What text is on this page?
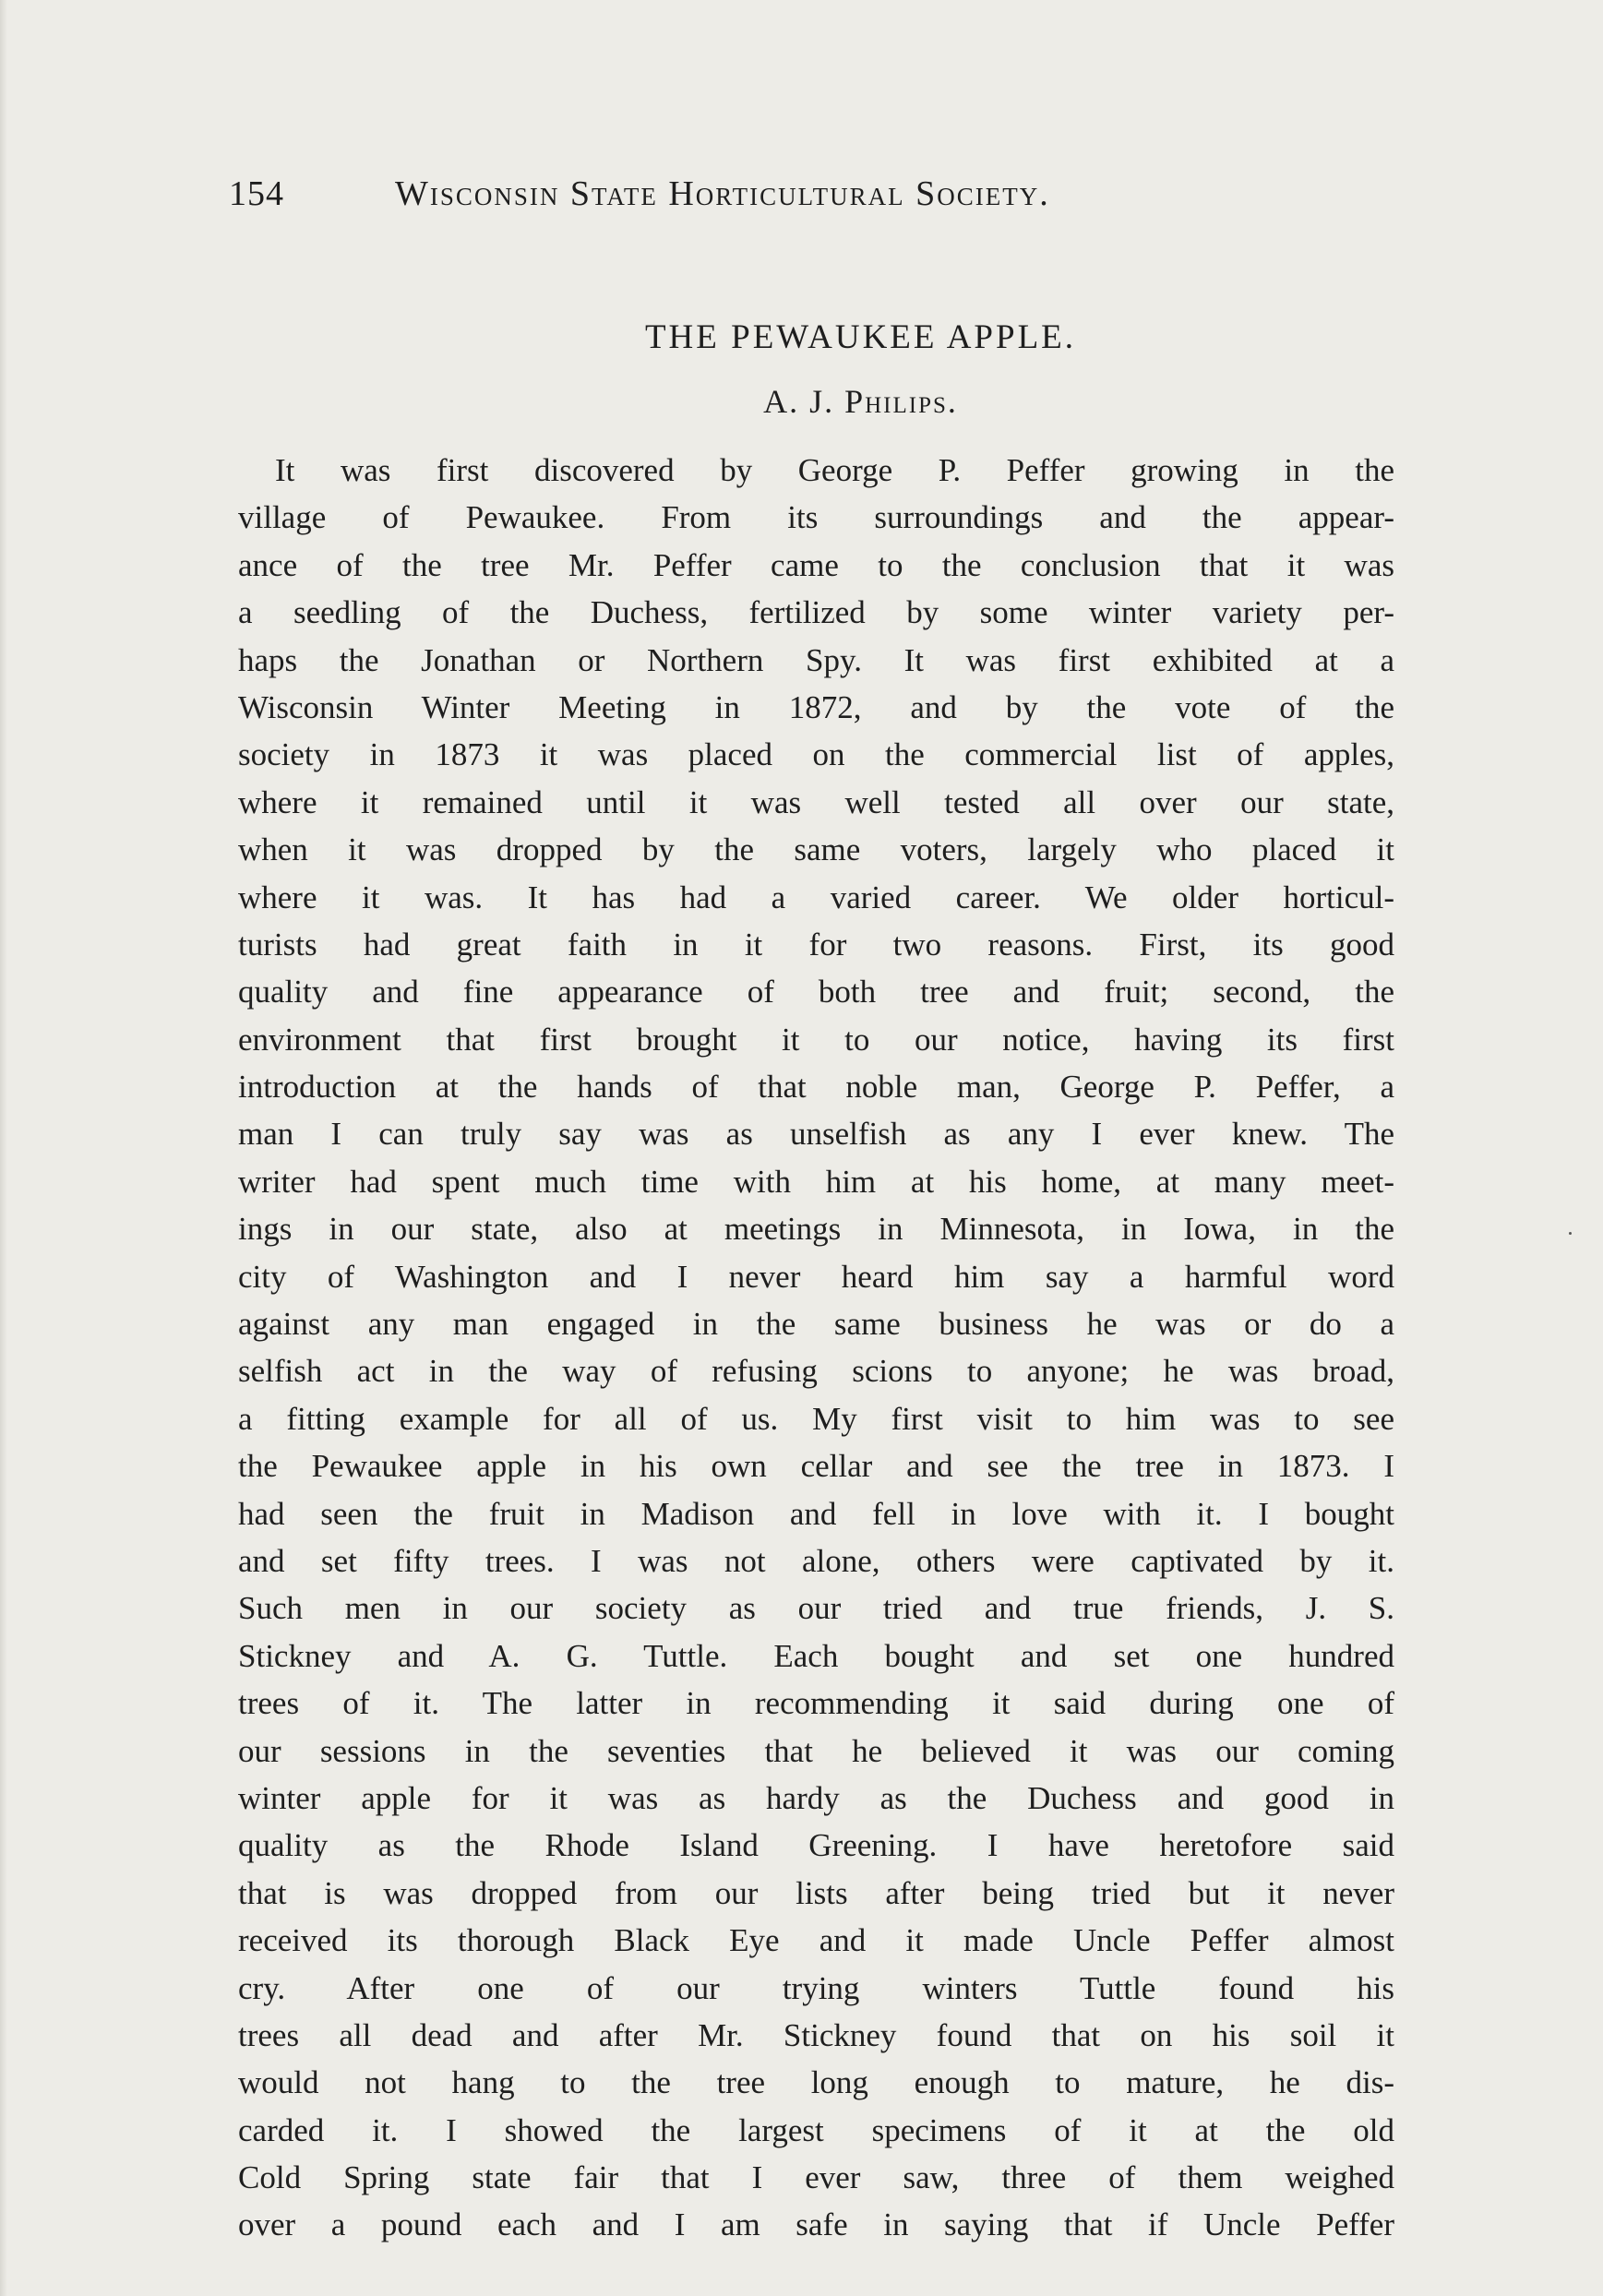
154	Wisconsin State Horticultural Society.
THE PEWAUKEE APPLE.
A. J. Philips.
It was first discovered by George P. Peffer growing in the
village of Pewaukee. From its surroundings and the appear-
ance of the tree Mr. Peffer came to the conclusion that it was
a seedling of the Duchess, fertilized by some winter variety per-
haps the Jonathan or Northern Spy. It was first exhibited at a
Wisconsin Winter Meeting in 1872, and by the vote of the
society in 1873 it was placed on the commercial list of apples,
where it remained until it was well tested all over our state,
when it was dropped by the same voters, largely who placed it
where it was. It has had a varied career. We older horticul-
turists had great faith in it for two reasons. First, its good
quality and fine appearance of both tree and fruit; second, the
environment that first brought it to our notice, having its first
introduction at the hands of that noble man, George P. Peffer, a
man I can truly say was as unselfish as any I ever knew. The
writer had spent much time with him at his home, at many meet-
ings in our state, also at meetings in Minnesota, in Iowa, in the
city of Washington and I never heard him say a harmful word
against any man engaged in the same business he was or do a
selfish act in the way of refusing scions to anyone; he was broad,
a fitting example for all of us. My first visit to him was to see
the Pewaukee apple in his own cellar and see the tree in 1873. I
had seen the fruit in Madison and fell in love with it. I bought
and set fifty trees. I was not alone, others were captivated by it.
Such men in our society as our tried and true friends, J. S.
Stickney and A. G. Tuttle. Each bought and set one hundred
trees of it. The latter in recommending it said during one of
our sessions in the seventies that he believed it was our coming
winter apple for it was as hardy as the Duchess and good in
quality as the Rhode Island Greening. I have heretofore said
that is was dropped from our lists after being tried but it never
received its thorough Black Eye and it made Uncle Peffer almost
cry. After one of our trying winters Tuttle found his
trees all dead and after Mr. Stickney found that on his soil it
would not hang to the tree long enough to mature, he dis-
carded it. I showed the largest specimens of it at the old
Cold Spring state fair that I ever saw, three of them weighed
over a pound each and I am safe in saying that if Uncle Peffer
